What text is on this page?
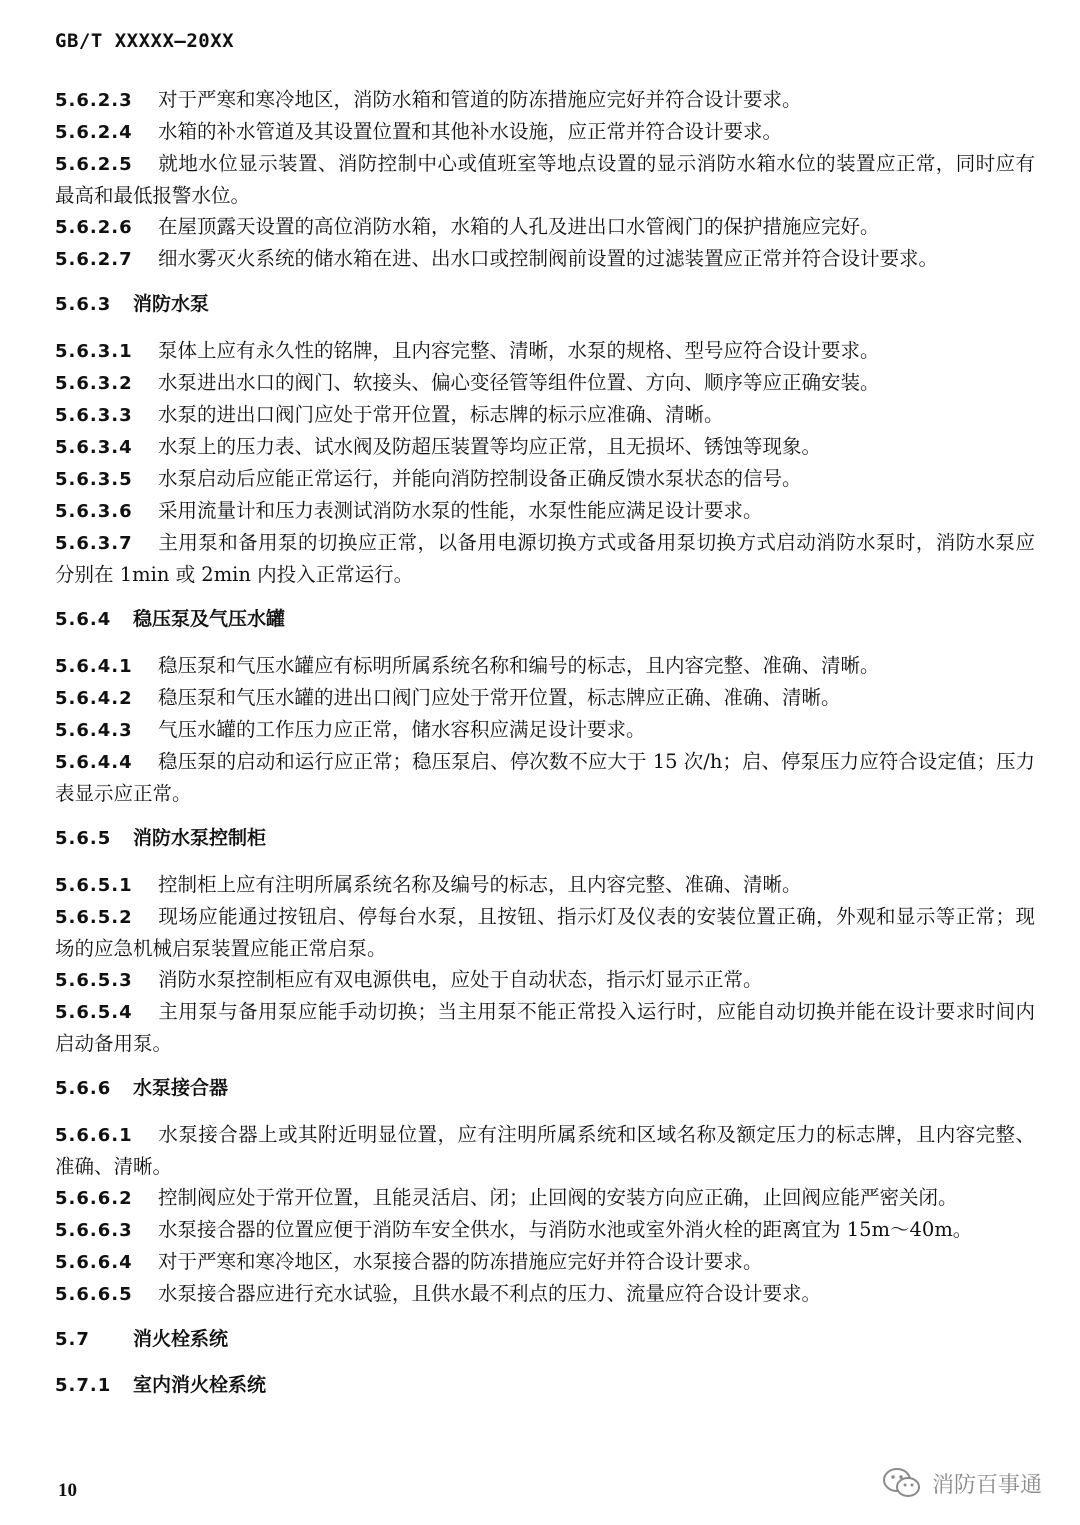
GB/T XXXXX—20XX
5.6.2.3 对于严寒和寒冷地区，消防水箱和管道的防冻措施应完好并符合设计要求。
5.6.2.4 水箱的补水管道及其设置位置和其他补水设施，应正常并符合设计要求。
5.6.2.5 就地水位显示装置、消防控制中心或值班室等地点设置的显示消防水箱水位的装置应正常，同时应有最高和最低报警水位。
5.6.2.6 在屋顶露天设置的高位消防水箱，水箱的人孔及进出口水管阀门的保护措施应完好。
5.6.2.7 细水雾灭火系统的储水箱在进、出水口或控制阀前设置的过滤装置应正常并符合设计要求。
5.6.3 消防水泵
5.6.3.1 泵体上应有永久性的铭牌，且内容完整、清晰，水泵的规格、型号应符合设计要求。
5.6.3.2 水泵进出水口的阀门、软接头、偏心变径管等组件位置、方向、顺序等应正确安装。
5.6.3.3 水泵的进出口阀门应处于常开位置，标志牌的标示应准确、清晰。
5.6.3.4 水泵上的压力表、试水阀及防超压装置等均应正常，且无损坏、锈蚀等现象。
5.6.3.5 水泵启动后应能正常运行，并能向消防控制设备正确反馈水泵状态的信号。
5.6.3.6 采用流量计和压力表测试消防水泵的性能，水泵性能应满足设计要求。
5.6.3.7 主用泵和备用泵的切换应正常，以备用电源切换方式或备用泵切换方式启动消防水泵时，消防水泵应分别在 1min 或 2min 内投入正常运行。
5.6.4 稳压泵及气压水罐
5.6.4.1 稳压泵和气压水罐应有标明所属系统名称和编号的标志，且内容完整、准确、清晰。
5.6.4.2 稳压泵和气压水罐的进出口阀门应处于常开位置，标志牌应正确、准确、清晰。
5.6.4.3 气压水罐的工作压力应正常，储水容积应满足设计要求。
5.6.4.4 稳压泵的启动和运行应正常；稳压泵启、停次数不应大于 15 次/h；启、停泵压力应符合设定值；压力表显示应正常。
5.6.5 消防水泵控制柜
5.6.5.1 控制柜上应有注明所属系统名称及编号的标志，且内容完整、准确、清晰。
5.6.5.2 现场应能通过按钮启、停每台水泵，且按钮、指示灯及仪表的安装位置正确，外观和显示等正常；现场的应急机械启泵装置应能正常启泵。
5.6.5.3 消防水泵控制柜应有双电源供电，应处于自动状态，指示灯显示正常。
5.6.5.4 主用泵与备用泵应能手动切换；当主用泵不能正常投入运行时，应能自动切换并能在设计要求时间内启动备用泵。
5.6.6 水泵接合器
5.6.6.1 水泵接合器上或其附近明显位置，应有注明所属系统和区域名称及额定压力的标志牌，且内容完整、准确、清晰。
5.6.6.2 控制阀应处于常开位置，且能灵活启、闭；止回阀的安装方向应正确，止回阀应能严密关闭。
5.6.6.3 水泵接合器的位置应便于消防车安全供水，与消防水池或室外消火栓的距离宜为 15m～40m。
5.6.6.4 对于严寒和寒冷地区，水泵接合器的防冻措施应完好并符合设计要求。
5.6.6.5 水泵接合器应进行充水试验，且供水最不利点的压力、流量应符合设计要求。
5.7 消火栓系统
5.7.1 室内消火栓系统
10	消防百事通
